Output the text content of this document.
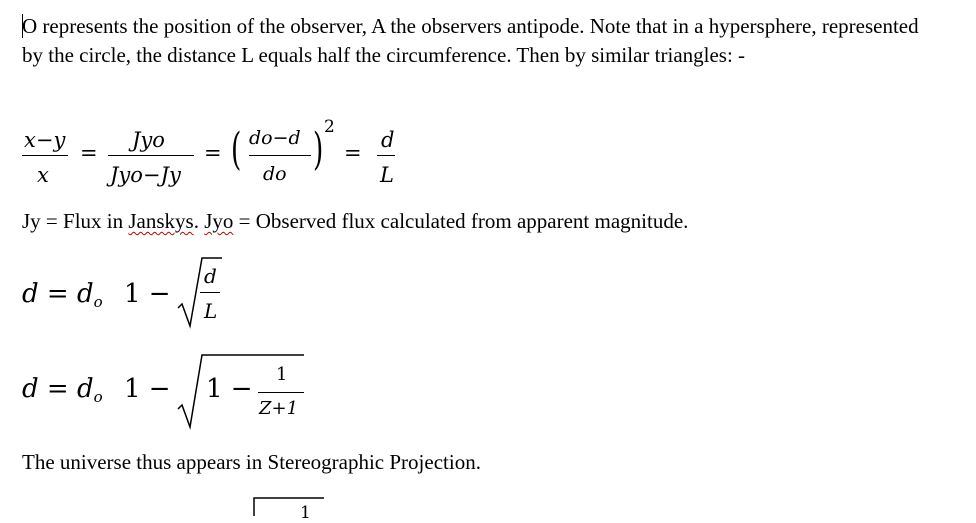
O represents the position of the observer, A the observers antipode. Note that in a hypersphere, represented by the circle, the distance L equals half the circumference. Then by similar triangles: -
x−y
x
=
Jyo
Jyo−Jy
= ( do−d
do ) 2
=
d
L
Jy = Flux in Janskys. Jyo = Observed flux calculated from apparent magnitude.
d = do 1 −
d
L
d = do 1 − 1 − 1
Z+1
The universe thus appears in Stereographic Projection.
1
